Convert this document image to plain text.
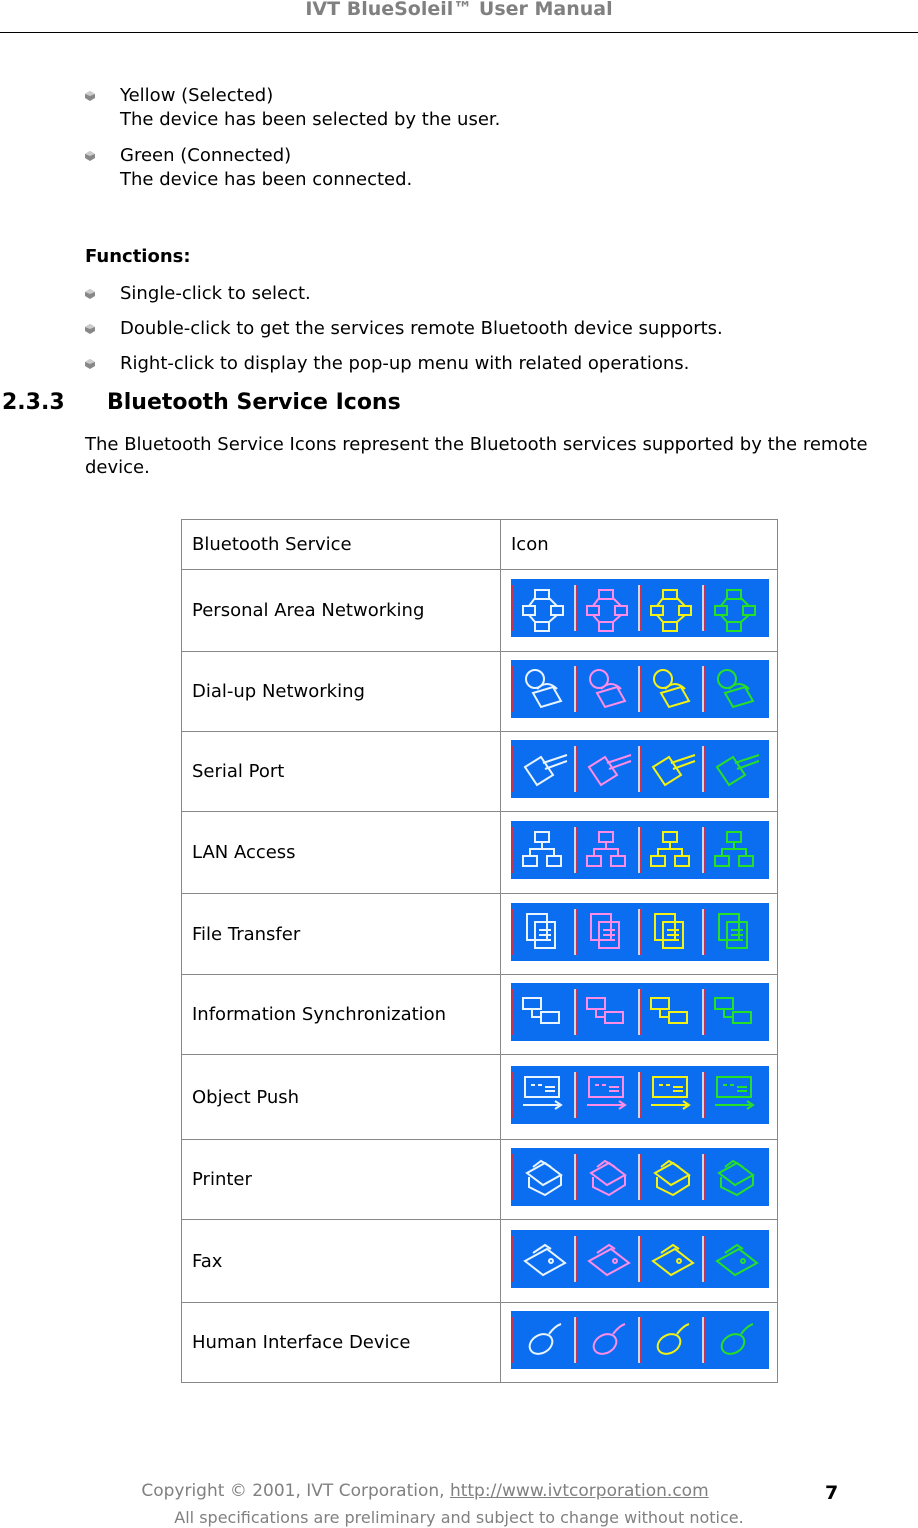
IVT BlueSoleil™ User Manual
Yellow (Selected)
The device has been selected by the user.
Green (Connected)
The device has been connected.
Functions:
Single-click to select.
Double-click to get the services remote Bluetooth device supports.
Right-click to display the pop-up menu with related operations.
2.3.3 Bluetooth Service Icons
The Bluetooth Service Icons represent the Bluetooth services supported by the remote device.
Bluetooth Service	Icon
Personal Area Networking	
Dial-up Networking	
Serial Port	
LAN Access	
File Transfer	
Information Synchronization	
Object Push	
Printer	
Fax	
Human Interface Device	
Copyright © 2001, IVT Corporation, http://www.ivtcorporation.com
All specifications are preliminary and subject to change without notice.
7
